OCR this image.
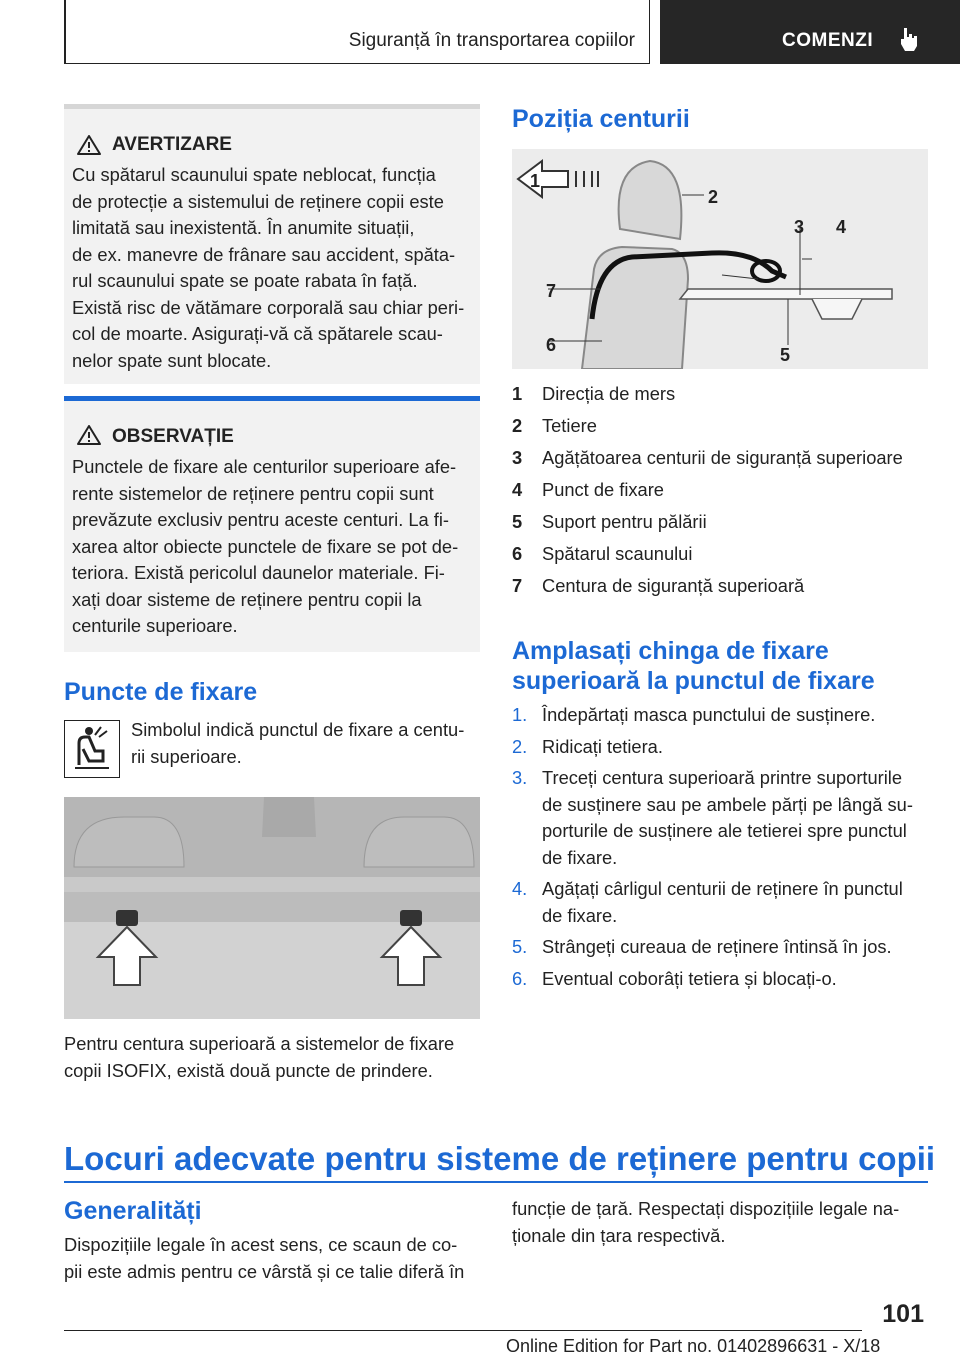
Siguranță în transportarea copiilor	COMENZI
AVERTIZARE
Cu spătarul scaunului spate neblocat, funcția
de protecție a sistemului de reținere copii este
limitată sau inexistentă. În anumite situații,
de ex. manevre de frânare sau accident, spăta-
rul scaunului spate se poate rabata în față.
Există risc de vătămare corporală sau chiar peri-
col de moarte. Asigurați-vă că spătarele scau-
nelor spate sunt blocate.
OBSERVAȚIE
Punctele de fixare ale centurilor superioare afe-
rente sistemelor de reținere pentru copii sunt
prevăzute exclusiv pentru aceste centuri. La fi-
xarea altor obiecte punctele de fixare se pot de-
teriora. Există pericolul daunelor materiale. Fi-
xați doar sisteme de reținere pentru copii la
centurile superioare.
Puncte de fixare
Simbolul indică punctul de fixare a centu-
rii superioare.
Pentru centura superioară a sistemelor de fixare
copii ISOFIX, există două puncte de prindere.
Poziția centurii
1
2
3 4
5
6
7
1 Direcția de mers
2 Tetiere
3 Agățătoarea centurii de siguranță superioare
4 Punct de fixare
5 Suport pentru pălării
6 Spătarul scaunului
7 Centura de siguranță superioară
Amplasați chinga de fixare
superioară la punctul de fixare
1. Îndepărtați masca punctului de susținere.
2. Ridicați tetiera.
3. Treceți centura superioară printre suporturile
de susținere sau pe ambele părți pe lângă su-
porturile de susținere ale tetierei spre punctul
de fixare.
4. Agățați cârligul centurii de reținere în punctul
de fixare.
5. Strângeți cureaua de reținere întinsă în jos.
6. Eventual coborâți tetiera și blocați-o.
Locuri adecvate pentru sisteme de reținere pentru copii
Generalități
Dispozițiile legale în acest sens, ce scaun de co-
pii este admis pentru ce vârstă și ce talie diferă în
funcție de țară. Respectați dispozițiile legale na-
ționale din țara respectivă.
101
Online Edition for Part no. 01402896631 - X/18
